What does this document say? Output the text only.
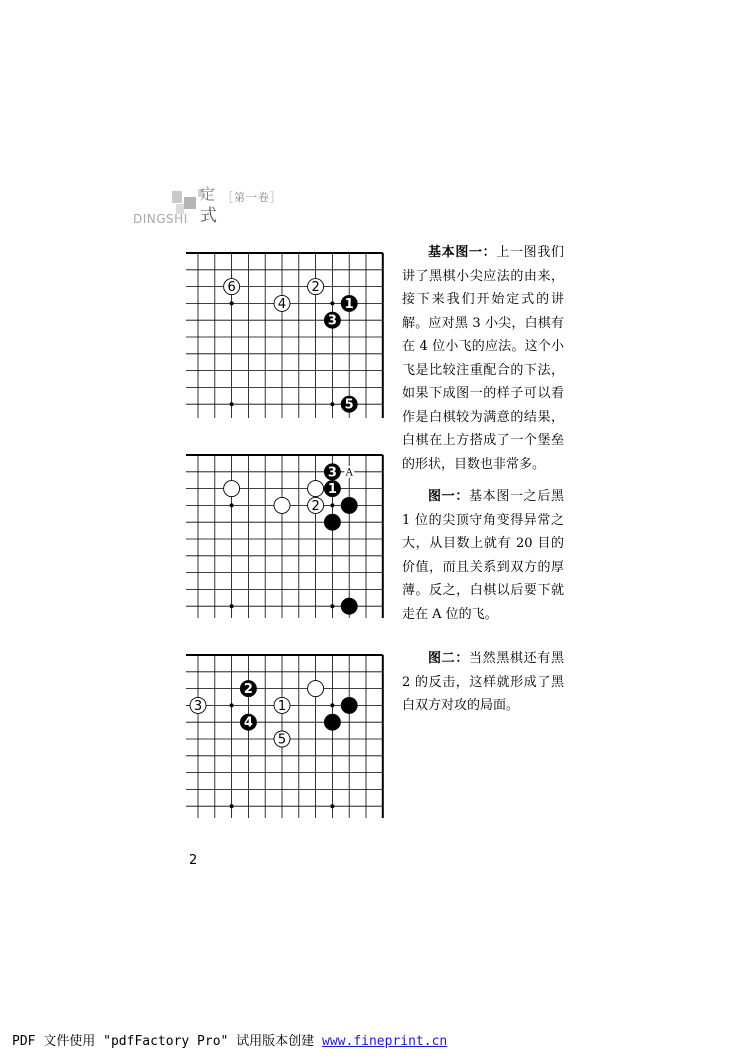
定
式
［第一卷］
DINGSHI
6
4
2
1
3
5
A
3
1
2
2
3	1
4
5
基本图一：上一图我们讲了黑棋小尖应法的由来，接下来我们开始定式的讲解。应对黑 3 小尖，白棋有在 4 位小飞的应法。这个小飞是比较注重配合的下法，如果下成图一的样子可以看作是白棋较为满意的结果，白棋在上方搭成了一个堡垒的形状，目数也非常多。
图一：基本图一之后黑 1 位的尖顶守角变得异常之大，从目数上就有 20 目的价值，而且关系到双方的厚薄。反之，白棋以后要下就走在 A 位的飞。
图二：当然黑棋还有黑 2 的反击，这样就形成了黑白双方对攻的局面。
2
PDF 文件使用 "pdfFactory Pro" 试用版本创建 www.fineprint.cn
